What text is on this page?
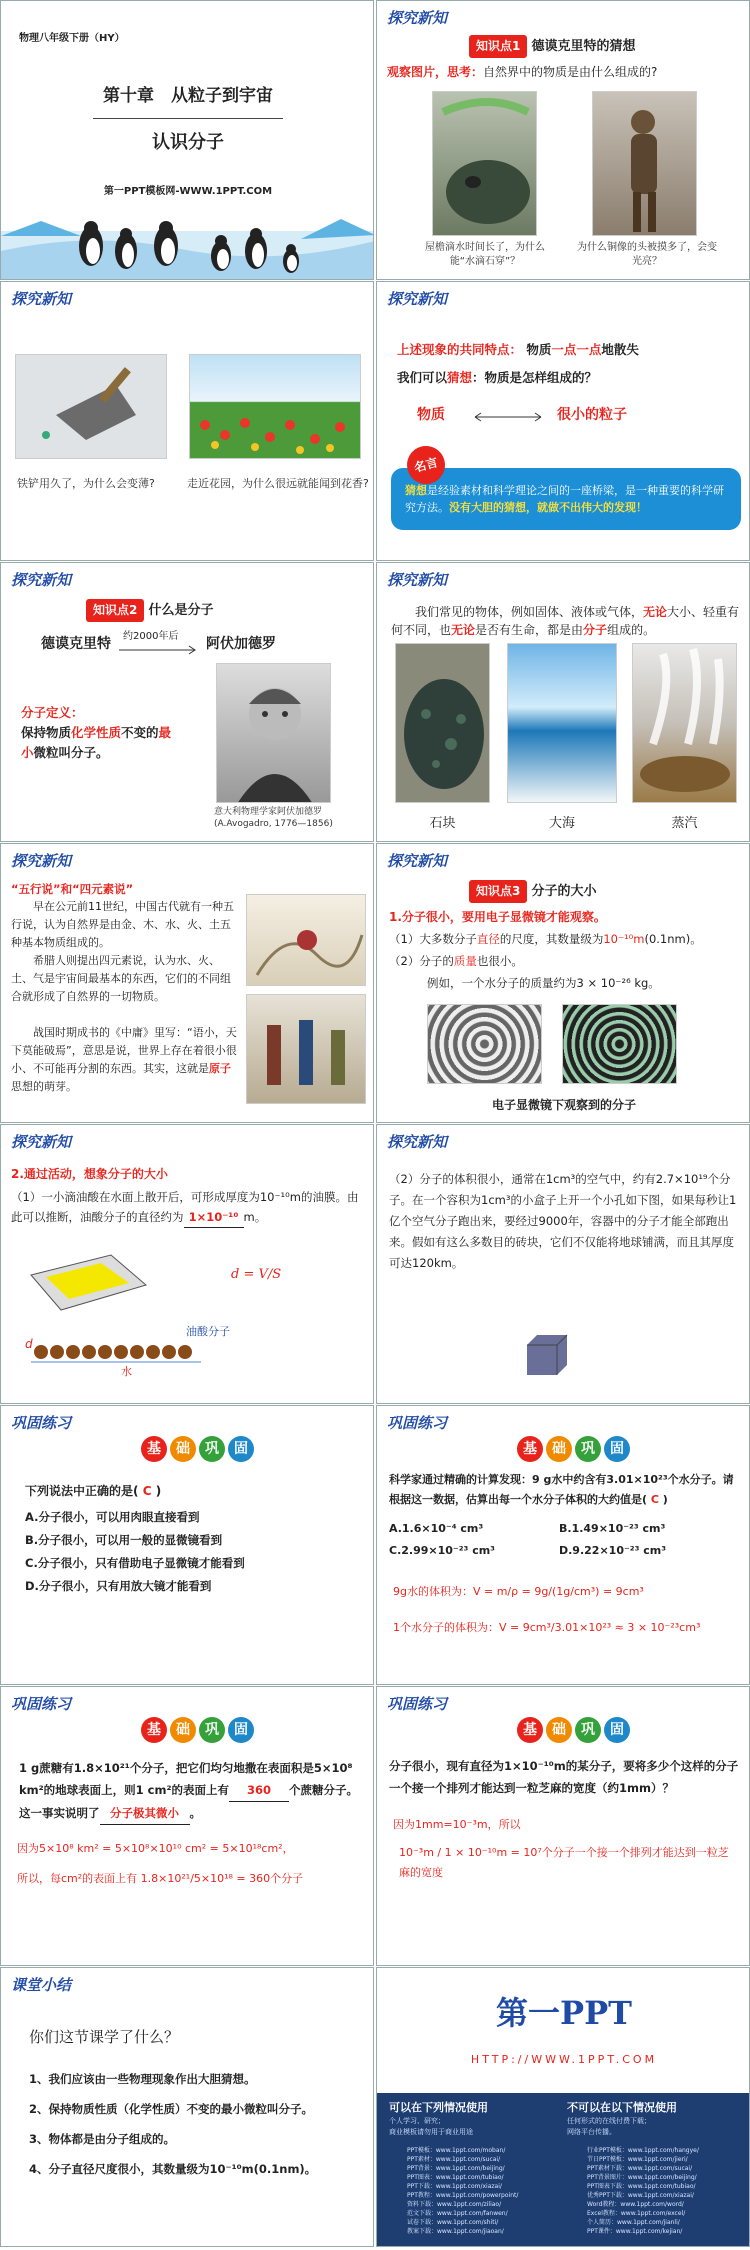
物理八年级下册（HY）
第十章　从粒子到宇宙
认识分子
第一PPT模板网-WWW.1PPT.COM
探究新知
知识点1 德谟克里特的猜想
观察图片，思考：自然界中的物质是由什么组成的?
屋檐滴水时间长了，为什么能“水滴石穿”？
为什么铜像的头被摸多了，会变光亮？
探究新知
铁铲用久了，为什么会变薄?	走近花园，为什么很远就能闻到花香?
探究新知
上述现象的共同特点： 物质一点一点地散失
我们可以猜想：物质是怎样组成的？
物质	很小的粒子
名言
猜想是经验素材和科学理论之间的一座桥梁，是一种重要的科学研究方法。没有大胆的猜想，就做不出伟大的发现！
探究新知
知识点2 什么是分子
德谟克里特 约2000年后 阿伏加德罗
分子定义：
保持物质化学性质不变的最小微粒叫分子。
意大利物理学家阿伏加德罗(A.Avogadro, 1776—1856)
探究新知
我们常见的物体，例如固体、液体或气体，无论大小、轻重有何不同，也无论是否有生命，都是由分子组成的。
石块	大海	蒸汽
探究新知
“五行说”和“四元素说”
早在公元前11世纪，中国古代就有一种五行说，认为自然界是由金、木、水、火、土五种基本物质组成的。
希腊人则提出四元素说，认为水、火、土、气是宇宙间最基本的东西，它们的不同组合就形成了自然界的一切物质。
战国时期成书的《中庸》里写：“语小，天下莫能破焉”，意思是说，世界上存在着很小很小、不可能再分割的东西。其实，这就是原子思想的萌芽。
探究新知
知识点3 分子的大小
1.分子很小，要用电子显微镜才能观察。
（1）大多数分子直径的尺度，其数量级为10⁻¹⁰m(0.1nm)。
（2）分子的质量也很小。
例如，一个水分子的质量约为3 × 10⁻²⁶ kg。
电子显微镜下观察到的分子
探究新知
2.通过活动，想象分子的大小
（1）一小滴油酸在水面上散开后，可形成厚度为10⁻¹⁰m的油膜。由此可以推断，油酸分子的直径约为 1×10⁻¹⁰ m。
d = V/S
油酸分子
d
水
探究新知
（2）分子的体积很小，通常在1cm³的空气中，约有2.7×10¹⁹个分子。在一个容积为1cm³的小盒子上开一个小孔如下图，如果每秒让1亿个空气分子跑出来，要经过9000年，容器中的分子才能全部跑出来。假如有这么多数目的砖块，它们不仅能将地球铺满，而且其厚度可达120km。
巩固练习
基 础 巩 固
下列说法中正确的是( C )
A.分子很小，可以用肉眼直接看到
B.分子很小，可以用一般的显微镜看到
C.分子很小，只有借助电子显微镜才能看到
D.分子很小，只有用放大镜才能看到
巩固练习
基 础 巩 固
科学家通过精确的计算发现：9 g水中约含有3.01×10²³个水分子。请根据这一数据，估算出每一个水分子体积的大约值是( C )
A.1.6×10⁻⁴ cm³	B.1.49×10⁻²³ cm³
C.2.99×10⁻²³ cm³	D.9.22×10⁻²³ cm³
9g水的体积为：V = m/ρ = 9g/(1g/cm³) = 9cm³
1个水分子的体积为：V = 9cm³/3.01×10²³ ≈ 3 × 10⁻²³cm³
巩固练习
基 础 巩 固
1 g蔗糖有1.8×10²¹个分子，把它们均匀地撒在表面积是5×10⁸ km²的地球表面上，则1 cm²的表面上有 360 个蔗糖分子。这一事实说明了 分子极其微小 。
因为5×10⁸ km² = 5×10⁸×10¹⁰ cm² = 5×10¹⁸cm²，
所以，每cm²的表面上有 1.8×10²¹/5×10¹⁸ = 360个分子
巩固练习
基 础 巩 固
分子很小，现有直径为1×10⁻¹⁰m的某分子，要将多少个这样的分子一个接一个排列才能达到一粒芝麻的宽度（约1mm）？
因为1mm=10⁻³m，所以
10⁻³m / 1 × 10⁻¹⁰m = 10⁷个分子一个接一个排列才能达到一粒芝麻的宽度
课堂小结
你们这节课学了什么？
1、我们应该由一些物理现象作出大胆猜想。
2、保持物质性质（化学性质）不变的最小微粒叫分子。
3、物体都是由分子组成的。
4、分子直径尺度很小，其数量级为10⁻¹⁰m(0.1nm)。
第一PPT
HTTP://WWW.1PPT.COM
可以在下列情况使用	不可以在以下情况使用
个人学习、研究；
商业模板请勿用于商业用途
任何形式的在线付费下载；
网络平台传播。
PPT模板：www.1ppt.com/moban/
PPT素材：www.1ppt.com/sucai/
PPT背景：www.1ppt.com/beijing/
PPT图表：www.1ppt.com/tubiao/
PPT下载：www.1ppt.com/xiazai/
PPT教程：www.1ppt.com/powerpoint/
资料下载：www.1ppt.com/ziliao/
范文下载：www.1ppt.com/fanwen/
试卷下载：www.1ppt.com/shiti/
教案下载：www.1ppt.com/jiaoan/
行业PPT模板：www.1ppt.com/hangye/
节日PPT模板：www.1ppt.com/jieri/
PPT素材下载：www.1ppt.com/sucai/
PPT背景图片：www.1ppt.com/beijing/
PPT图表下载：www.1ppt.com/tubiao/
优秀PPT下载：www.1ppt.com/xiazai/
Word教程：www.1ppt.com/word/
Excel教程：www.1ppt.com/excel/
个人简历：www.1ppt.com/jianli/
PPT课件：www.1ppt.com/kejian/
